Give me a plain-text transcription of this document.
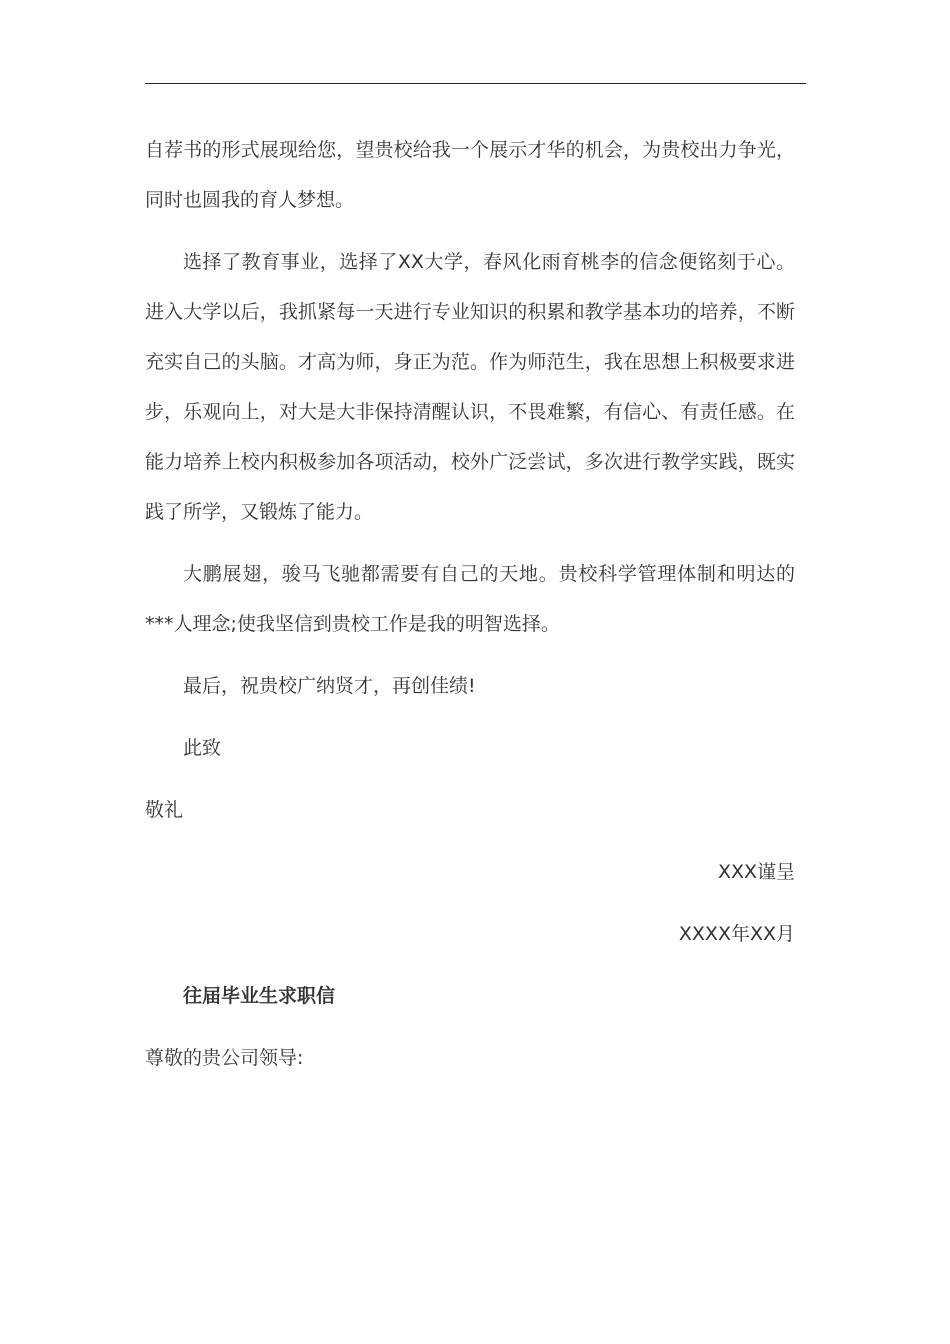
自荐书的形式展现给您，望贵校给我一个展示才华的机会，为贵校出力争光，同时也圆我的育人梦想。

选择了教育事业，选择了XX大学，春风化雨育桃李的信念便铭刻于心。进入大学以后，我抓紧每一天进行专业知识的积累和教学基本功的培养，不断充实自己的头脑。才高为师，身正为范。作为师范生，我在思想上积极要求进步，乐观向上，对大是大非保持清醒认识，不畏难繁，有信心、有责任感。在能力培养上校内积极参加各项活动，校外广泛尝试，多次进行教学实践，既实践了所学，又锻炼了能力。

大鹏展翅，骏马飞驰都需要有自己的天地。贵校科学管理体制和明达的***人理念;使我坚信到贵校工作是我的明智选择。

最后，祝贵校广纳贤才，再创佳绩!

此致

敬礼

XXX谨呈

XXXX年XX月

往届毕业生求职信

尊敬的贵公司领导:
